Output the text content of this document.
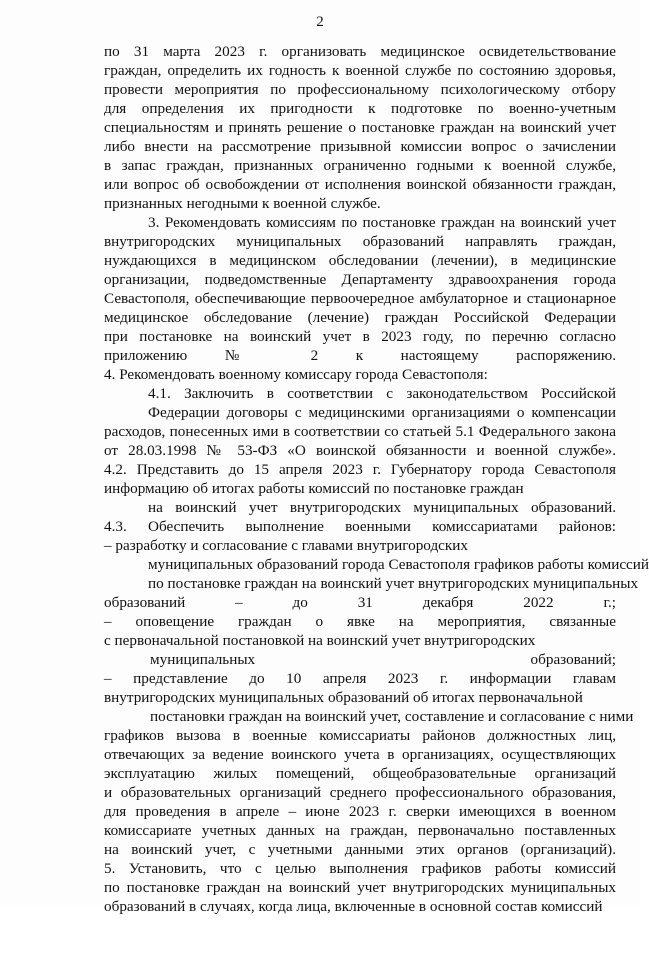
2
по 31 марта 2023 г. организовать медицинское освидетельствование
граждан, определить их годность к военной службе по состоянию здоровья,
провести мероприятия по профессиональному психологическому отбору
для определения их пригодности к подготовке по военно-учетным
специальностям и принять решение о постановке граждан на воинский учет
либо внести на рассмотрение призывной комиссии вопрос о зачислении
в запас граждан, признанных ограниченно годными к военной службе,
или вопрос об освобождении от исполнения воинской обязанности граждан,
признанных негодными к военной службе.
3. Рекомендовать комиссиям по постановке граждан на воинский учет
внутригородских муниципальных образований направлять граждан,
нуждающихся в медицинском обследовании (лечении), в медицинские
организации, подведомственные Департаменту здравоохранения города
Севастополя, обеспечивающие первоочередное амбулаторное и стационарное
медицинское обследование (лечение) граждан Российской Федерации
при постановке на воинский учет в 2023 году, по перечню согласно
приложению № 2 к настоящему распоряжению.
4. Рекомендовать военному комиссару города Севастополя:
4.1. Заключить в соответствии с законодательством Российской
Федерации договоры с медицинскими организациями о компенсации
расходов, понесенных ими в соответствии со статьей 5.1 Федерального закона
от 28.03.1998 № 53-ФЗ «О воинской обязанности и военной службе».
4.2. Представить до 15 апреля 2023 г. Губернатору города Севастополя
информацию об итогах работы комиссий по постановке граждан
на воинский учет внутригородских муниципальных образований.
4.3. Обеспечить выполнение военными комиссариатами районов:
– разработку и согласование с главами внутригородских
муниципальных образований города Севастополя графиков работы комиссий
по постановке граждан на воинский учет внутригородских муниципальных
образований – до 31 декабря 2022 г.;
– оповещение граждан о явке на мероприятия, связанные
с первоначальной постановкой на воинский учет внутригородских
муниципальных образований;
– представление до 10 апреля 2023 г. информации главам
внутригородских муниципальных образований об итогах первоначальной
постановки граждан на воинский учет, составление и согласование с ними
графиков вызова в военные комиссариаты районов должностных лиц,
отвечающих за ведение воинского учета в организациях, осуществляющих
эксплуатацию жилых помещений, общеобразовательные организаций
и образовательных организаций среднего профессионального образования,
для проведения в апреле – июне 2023 г. сверки имеющихся в военном
комиссариате учетных данных на граждан, первоначально поставленных
на воинский учет, с учетными данными этих органов (организаций).
5. Установить, что с целью выполнения графиков работы комиссий
по постановке граждан на воинский учет внутригородских муниципальных
образований в случаях, когда лица, включенные в основной состав комиссий
